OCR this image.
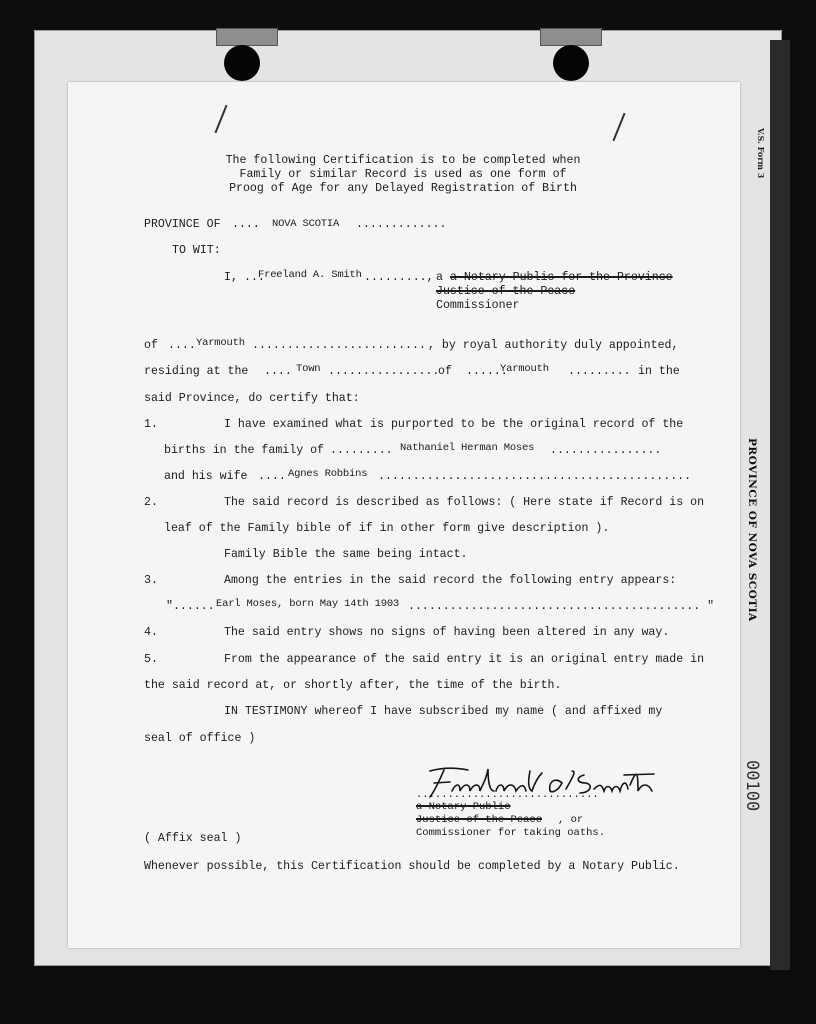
V.S. Form 3
PROVINCE OF NOVA SCOTIA
00100
The following Certification is to be completed when
Family or similar Record is used as one form of
Proog of Age for any Delayed Registration of Birth
PROVINCE OF .... NOVA SCOTIA .............
TO WIT:
I, ...
Freeland A. Smith ........., a a Notary Public for the Province
Justice of the Peace
Commissioner
of .... Yarmouth ......................... , by royal authority duly appointed,
residing at the .... Town ................
of ......
Yarmouth ......... in the
said Province, do certify that:
1.	I have examined what is purported to be the original record of the
births in the family of ......... Nathaniel Herman Moses ................
and his wife .... Agnes Robbins .............................................
2.	The said record is described as follows: ( Here state if Record is on
leaf of the Family bible of if in other form give description ).
Family Bible the same being intact.
3.	Among the entries in the said record the following entry appears:
"...... Earl Moses, born May 14th 1903 .......................................... "
4.	The said entry shows no signs of having been altered in any way.
5.	From the appearance of the said entry it is an original entry made in
the said record at, or shortly after, the time of the birth.
IN TESTIMONY whereof I have subscribed my name ( and affixed my
seal of office )
.............................
a Notary Public
Justice of the Peace , or
Commissioner for taking oaths.
( Affix seal )
Whenever possible, this Certification should be completed by a Notary Public.
